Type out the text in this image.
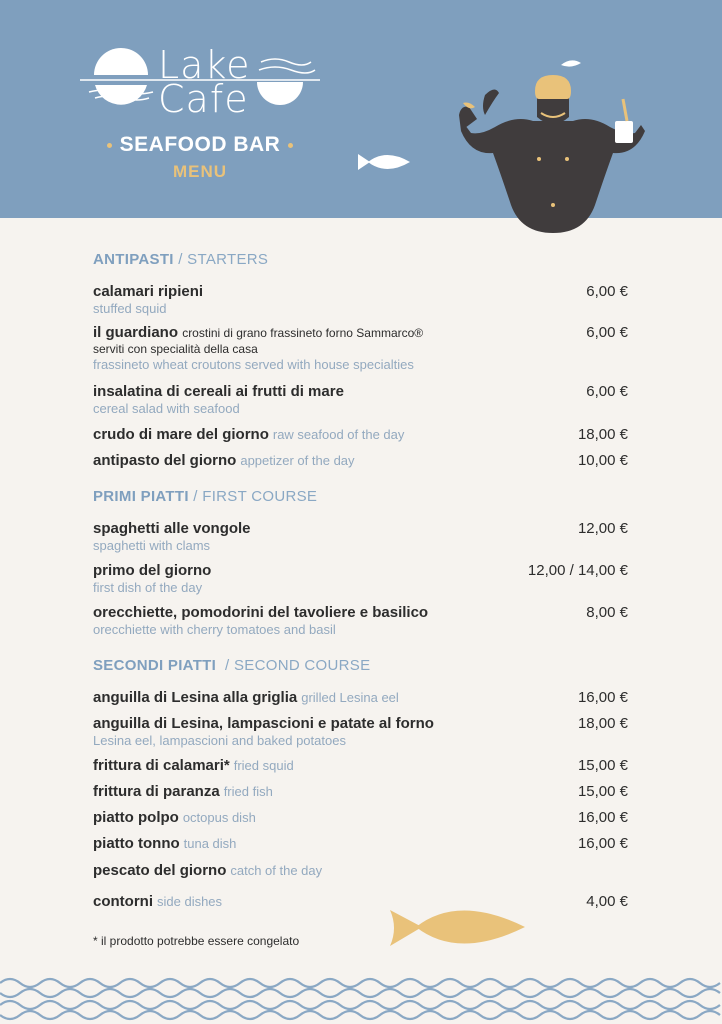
Lake
Cafe
SEAFOOD BAR
MENU
ANTIPASTI / STARTERS
calamari ripieni
stuffed squid
6,00 €
il guardiano crostini di grano frassineto forno Sammarco®
serviti con specialità della casa
frassineto wheat croutons served with house specialties
6,00 €
insalatina di cereali ai frutti di mare
cereal salad with seafood
6,00 €
crudo di mare del giorno raw seafood of the day	18,00 €
antipasto del giorno appetizer of the day	10,00 €
PRIMI PIATTI / FIRST COURSE
spaghetti alle vongole
spaghetti with clams
12,00 €
primo del giorno
first dish of the day
12,00 / 14,00 €
orecchiette, pomodorini del tavoliere e basilico
orecchiette with cherry tomatoes and basil
8,00 €
SECONDI PIATTI  / SECOND COURSE
anguilla di Lesina alla griglia grilled Lesina eel	16,00 €
anguilla di Lesina, lampascioni e patate al forno
Lesina eel, lampascioni and baked potatoes
18,00 €
frittura di calamari* fried squid	15,00 €
frittura di paranza fried fish	15,00 €
piatto polpo octopus dish	16,00 €
piatto tonno tuna dish	16,00 €
pescato del giorno catch of the day
contorni side dishes	4,00 €
* il prodotto potrebbe essere congelato
